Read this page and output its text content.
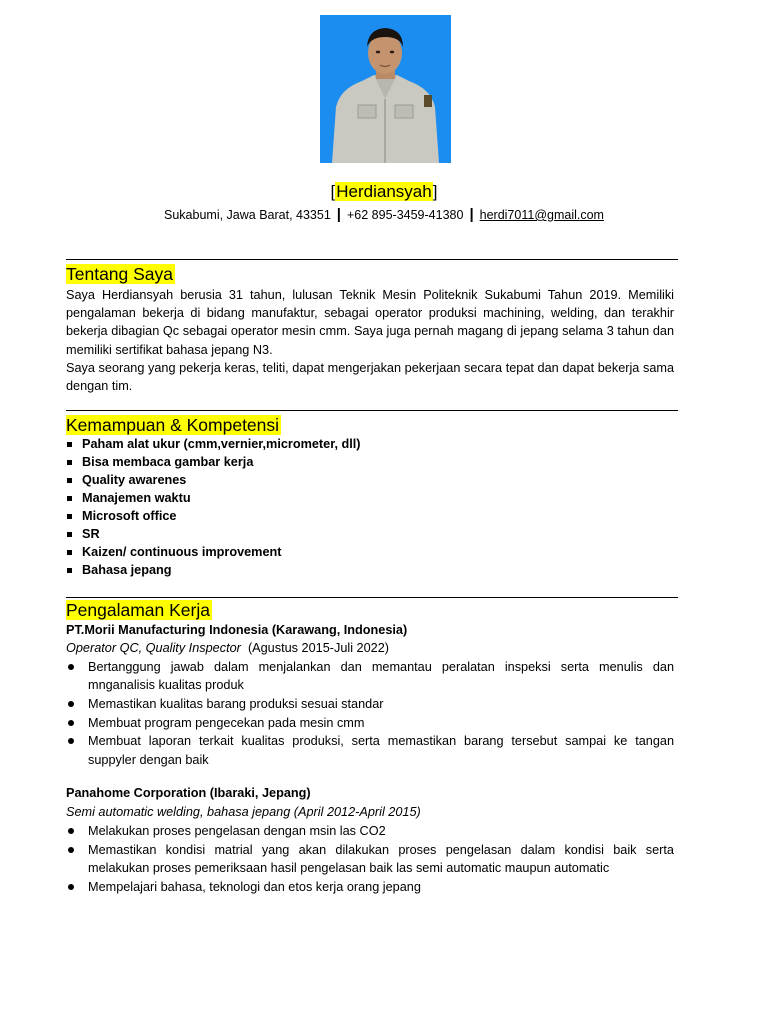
[Herdiansyah]
Sukabumi, Jawa Barat, 43351 | +62 895-3459-41380 | herdi7011@gmail.com
Tentang Saya

Saya Herdiansyah berusia 31 tahun, lulusan Teknik Mesin Politeknik Sukabumi Tahun 2019. Memiliki pengalaman bekerja di bidang manufaktur, sebagai operator produksi machining, welding, dan terakhir bekerja dibagian Qc sebagai operator mesin cmm. Saya juga pernah magang di jepang selama 3 tahun dan memiliki sertifikat bahasa jepang N3.

Saya seorang yang pekerja keras, teliti, dapat mengerjakan pekerjaan secara tepat dan dapat bekerja sama dengan tim.

Kemampuan & Kompetensi
Paham alat ukur (cmm,vernier,micrometer, dll)
Bisa membaca gambar kerja
Quality awarenes
Manajemen waktu
Microsoft office
SR
Kaizen/ continuous improvement
Bahasa jepang
Pengalaman Kerja
PT.Morii Manufacturing Indonesia (Karawang, Indonesia)
Operator QC, Quality Inspector (Agustus 2015-Juli 2022)
Bertanggung jawab dalam menjalankan dan memantau peralatan inspeksi serta menulis dan mnganalisis kualitas produk
Memastikan kualitas barang produksi sesuai standar
Membuat program pengecekan pada mesin cmm
Membuat laporan terkait kualitas produksi, serta memastikan barang tersebut sampai ke tangan suppyler dengan baik
Panahome Corporation (Ibaraki, Jepang)
Semi automatic welding, bahasa jepang (April 2012-April 2015)
Melakukan proses pengelasan dengan msin las CO2
Memastikan kondisi matrial yang akan dilakukan proses pengelasan dalam kondisi baik serta melakukan proses pemeriksaan hasil pengelasan baik las semi automatic maupun automatic
Mempelajari bahasa, teknologi dan etos kerja orang jepang
